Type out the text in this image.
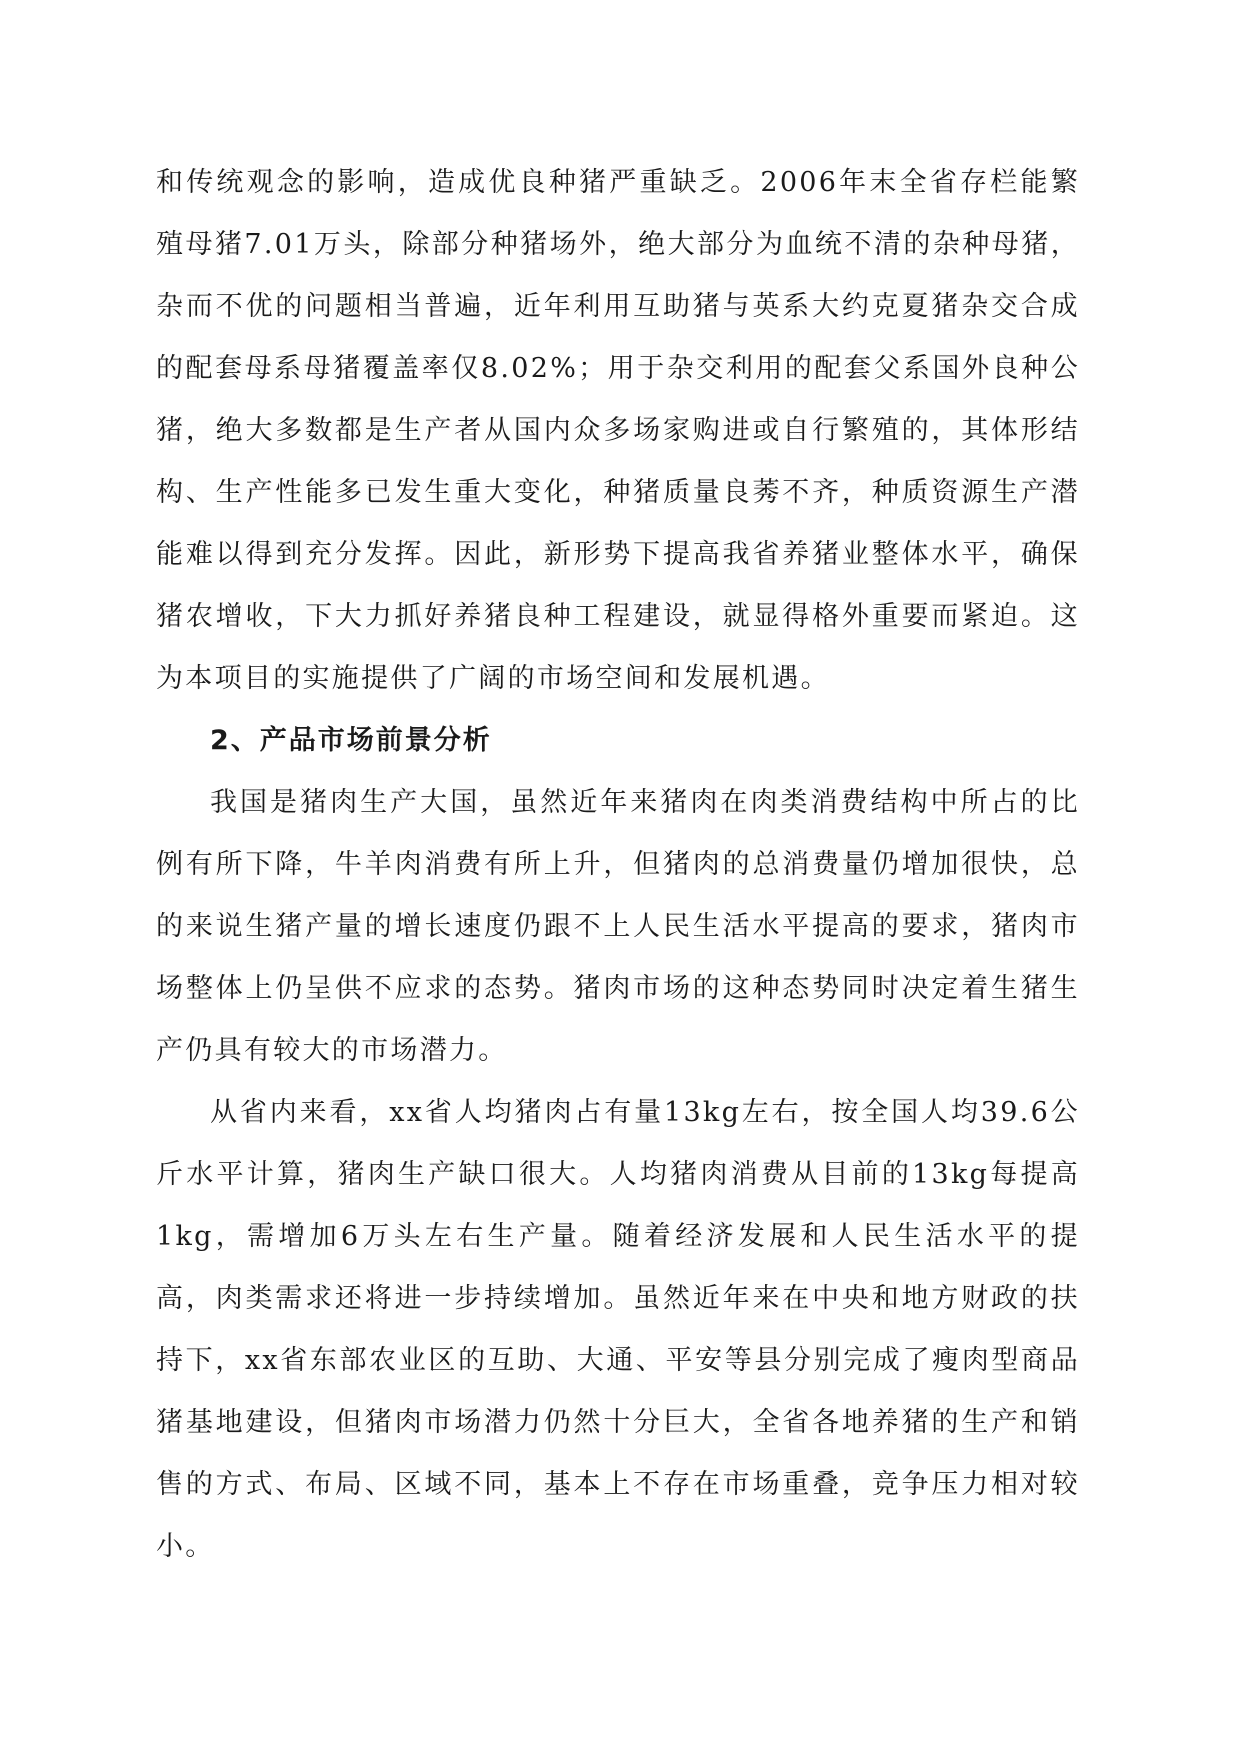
和传统观念的影响，造成优良种猪严重缺乏。2006年末全省存栏能繁殖母猪7.01万头，除部分种猪场外，绝大部分为血统不清的杂种母猪，杂而不优的问题相当普遍，近年利用互助猪与英系大约克夏猪杂交合成的配套母系母猪覆盖率仅8.02%；用于杂交利用的配套父系国外良种公猪，绝大多数都是生产者从国内众多场家购进或自行繁殖的，其体形结构、生产性能多已发生重大变化，种猪质量良莠不齐，种质资源生产潜能难以得到充分发挥。因此，新形势下提高我省养猪业整体水平，确保猪农增收，下大力抓好养猪良种工程建设，就显得格外重要而紧迫。这为本项目的实施提供了广阔的市场空间和发展机遇。

2、产品市场前景分析

我国是猪肉生产大国，虽然近年来猪肉在肉类消费结构中所占的比例有所下降，牛羊肉消费有所上升，但猪肉的总消费量仍增加很快，总的来说生猪产量的增长速度仍跟不上人民生活水平提高的要求，猪肉市场整体上仍呈供不应求的态势。猪肉市场的这种态势同时决定着生猪生产仍具有较大的市场潜力。

从省内来看，xx省人均猪肉占有量13kg左右，按全国人均39.6公斤水平计算，猪肉生产缺口很大。人均猪肉消费从目前的13kg每提高1kg，需增加6万头左右生产量。随着经济发展和人民生活水平的提高，肉类需求还将进一步持续增加。虽然近年来在中央和地方财政的扶持下，xx省东部农业区的互助、大通、平安等县分别完成了瘦肉型商品猪基地建设，但猪肉市场潜力仍然十分巨大，全省各地养猪的生产和销售的方式、布局、区域不同，基本上不存在市场重叠，竞争压力相对较小。
